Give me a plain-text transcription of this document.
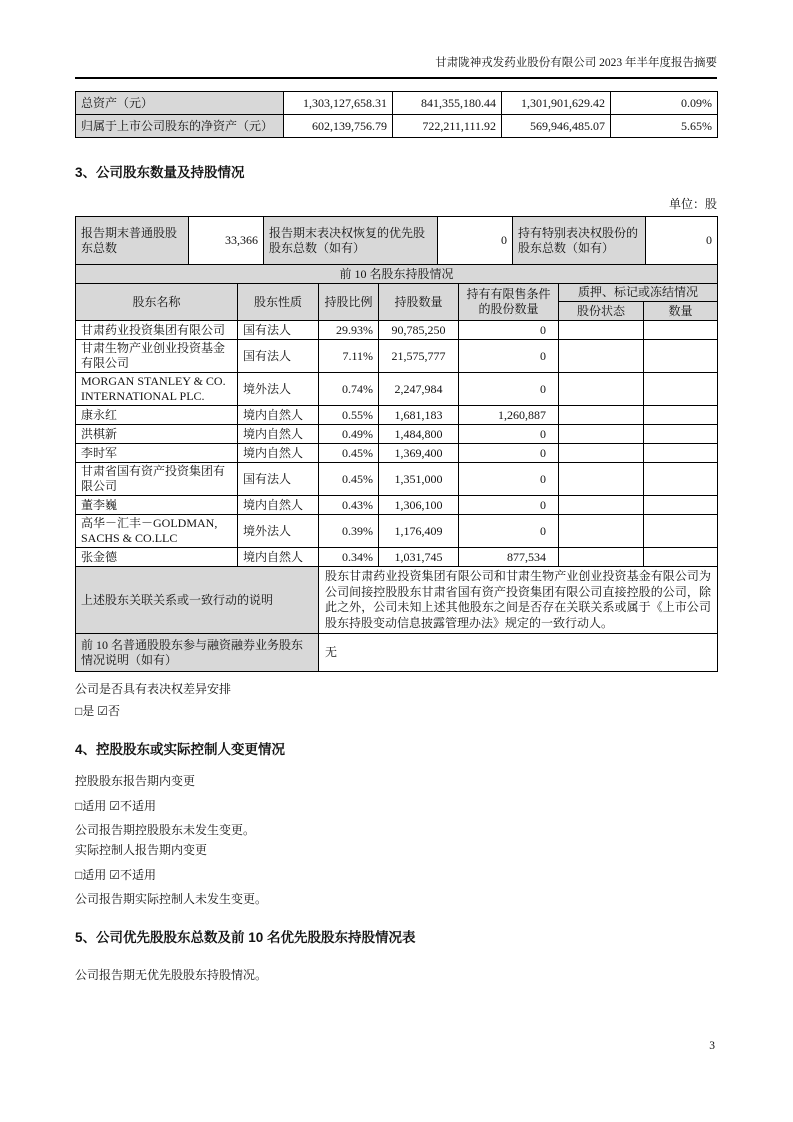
甘肃陇神戎发药业股份有限公司 2023 年半年度报告摘要
总资产（元）	1,303,127,658.31	841,355,180.44	1,301,901,629.42	0.09%
归属于上市公司股东的净资产（元）	602,139,756.79	722,211,111.92	569,946,485.07	5.65%
3、公司股东数量及持股情况
单位：股
报告期末普通股股东总数	33,366	报告期末表决权恢复的优先股股东总数（如有）	0	持有特别表决权股份的股东总数（如有）	0
前 10 名股东持股情况						
股东名称	股东性质	持股比例	持股数量	持有有限售条件的股份数量	质押、标记或冻结情况	
					股份状态	数量
甘肃药业投资集团有限公司	国有法人	29.93%	90,785,250	0		
甘肃生物产业创业投资基金有限公司	国有法人	7.11%	21,575,777	0		
MORGAN STANLEY & CO. INTERNATIONAL PLC.	境外法人	0.74%	2,247,984	0		
康永红	境内自然人	0.55%	1,681,183	1,260,887		
洪棋新	境内自然人	0.49%	1,484,800	0		
李时军	境内自然人	0.45%	1,369,400	0		
甘肃省国有资产投资集团有限公司	国有法人	0.45%	1,351,000	0		
董李巍	境内自然人	0.43%	1,306,100	0		
高华－汇丰－GOLDMAN, SACHS & CO.LLC	境外法人	0.39%	1,176,409	0		
张金德	境内自然人	0.34%	1,031,745	877,534		
上述股东关联关系或一致行动的说明		股东甘肃药业投资集团有限公司和甘肃生物产业创业投资基金有限公司为公司间接控股股东甘肃省国有资产投资集团有限公司直接控股的公司，除此之外，公司未知上述其他股东之间是否存在关联关系或属于《上市公司股东持股变动信息披露管理办法》规定的一致行动人。				
前 10 名普通股股东参与融资融券业务股东情况说明（如有）		无				
公司是否具有表决权差异安排
□是 ☑否
4、控股股东或实际控制人变更情况
控股股东报告期内变更
□适用 ☑不适用
公司报告期控股股东未发生变更。
实际控制人报告期内变更
□适用 ☑不适用
公司报告期实际控制人未发生变更。
5、公司优先股股东总数及前 10 名优先股股东持股情况表
公司报告期无优先股股东持股情况。
3
